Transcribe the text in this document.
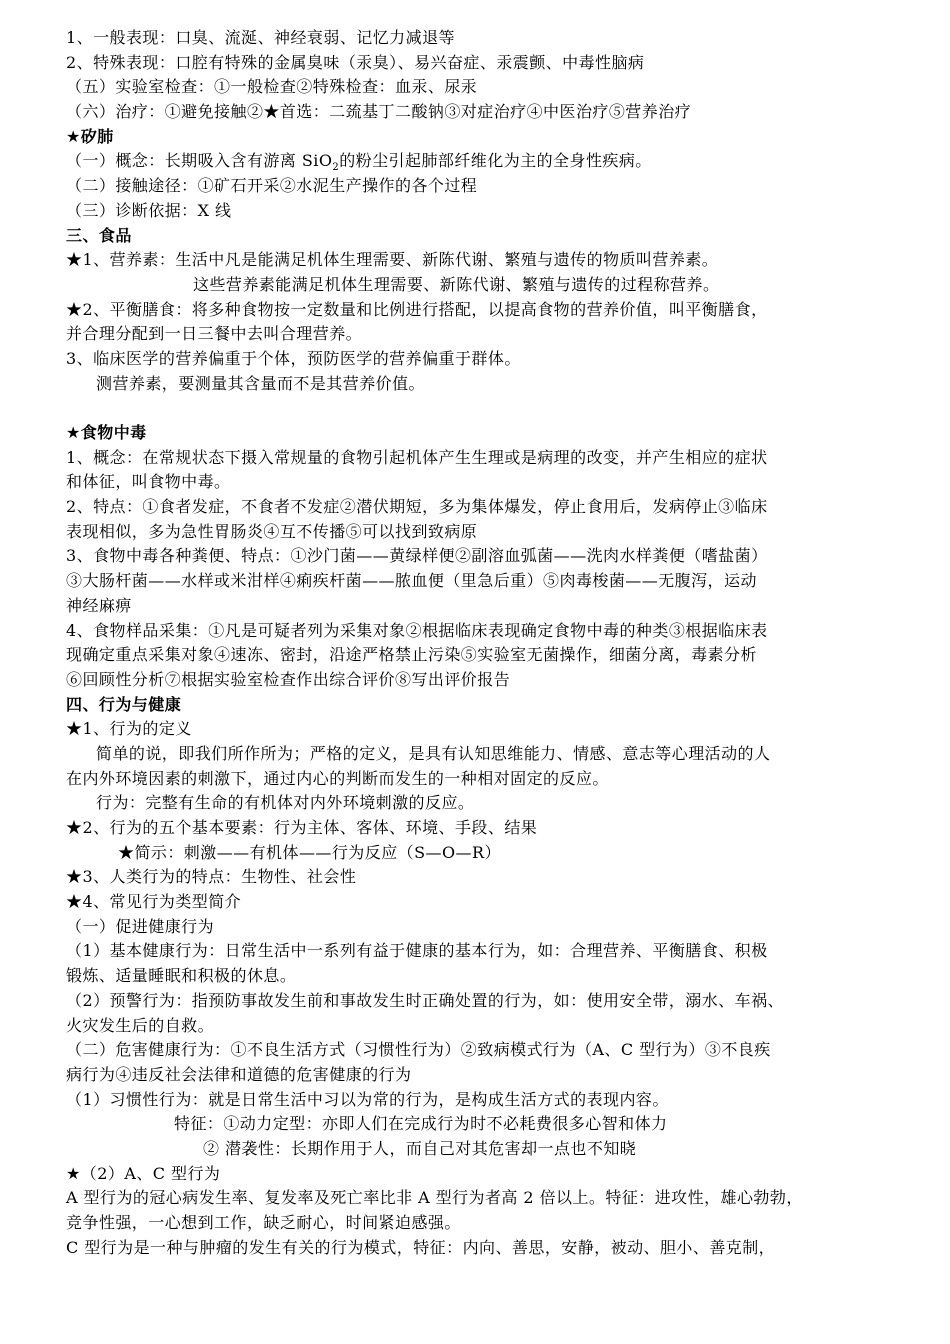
1、一般表现：口臭、流涎、神经衰弱、记忆力减退等
2、特殊表现：口腔有特殊的金属臭味（汞臭）、易兴奋症、汞震颤、中毒性脑病
（五）实验室检查：①一般检查②特殊检查：血汞、尿汞
（六）治疗：①避免接触②★首选：二巯基丁二酸钠③对症治疗④中医治疗⑤营养治疗
★矽肺
（一）概念：长期吸入含有游离 SiO$_2$的粉尘引起肺部纤维化为主的全身性疾病。
（二）接触途径：①矿石开采②水泥生产操作的各个过程
（三）诊断依据：X 线
三、食品
★1、营养素：生活中凡是能满足机体生理需要、新陈代谢、繁殖与遗传的物质叫营养素。
这些营养素能满足机体生理需要、新陈代谢、繁殖与遗传的过程称营养。
★2、平衡膳食：将多种食物按一定数量和比例进行搭配，以提高食物的营养价值，叫平衡膳食，
并合理分配到一日三餐中去叫合理营养。
3、临床医学的营养偏重于个体，预防医学的营养偏重于群体。
测营养素，要测量其含量而不是其营养价值。
★食物中毒
1、概念：在常规状态下摄入常规量的食物引起机体产生生理或是病理的改变，并产生相应的症状
和体征，叫食物中毒。
2、特点：①食者发症，不食者不发症②潜伏期短，多为集体爆发，停止食用后，发病停止③临床
表现相似，多为急性胃肠炎④互不传播⑤可以找到致病原
3、食物中毒各种粪便、特点：①沙门菌——黄绿样便②副溶血弧菌——洗肉水样粪便（嗜盐菌）
③大肠杆菌——水样或米泔样④痢疾杆菌——脓血便（里急后重）⑤肉毒梭菌——无腹泻，运动
神经麻痹
4、食物样品采集：①凡是可疑者列为采集对象②根据临床表现确定食物中毒的种类③根据临床表
现确定重点采集对象④速冻、密封，沿途严格禁止污染⑤实验室无菌操作，细菌分离，毒素分析
⑥回顾性分析⑦根据实验室检查作出综合评价⑧写出评价报告
四、行为与健康
★1、行为的定义
简单的说，即我们所作所为；严格的定义，是具有认知思维能力、情感、意志等心理活动的人
在内外环境因素的刺激下，通过内心的判断而发生的一种相对固定的反应。
行为：完整有生命的有机体对内外环境刺激的反应。
★2、行为的五个基本要素：行为主体、客体、环境、手段、结果
★简示：刺激——有机体——行为反应（S—O—R）
★3、人类行为的特点：生物性、社会性
★4、常见行为类型简介
（一）促进健康行为
（1）基本健康行为：日常生活中一系列有益于健康的基本行为，如：合理营养、平衡膳食、积极
锻炼、适量睡眠和积极的休息。
（2）预警行为：指预防事故发生前和事故发生时正确处置的行为，如：使用安全带，溺水、车祸、
火灾发生后的自救。
（二）危害健康行为：①不良生活方式（习惯性行为）②致病模式行为（A、C 型行为）③不良疾
病行为④违反社会法律和道德的危害健康的行为
（1）习惯性行为：就是日常生活中习以为常的行为，是构成生活方式的表现内容。
特征：①动力定型：亦即人们在完成行为时不必耗费很多心智和体力
② 潜袭性：长期作用于人，而自己对其危害却一点也不知晓
★（2）A、C 型行为
A 型行为的冠心病发生率、复发率及死亡率比非 A 型行为者高 2 倍以上。特征：进攻性，雄心勃勃，
竞争性强，一心想到工作，缺乏耐心，时间紧迫感强。
C 型行为是一种与肿瘤的发生有关的行为模式，特征：内向、善思，安静，被动、胆小、善克制，
